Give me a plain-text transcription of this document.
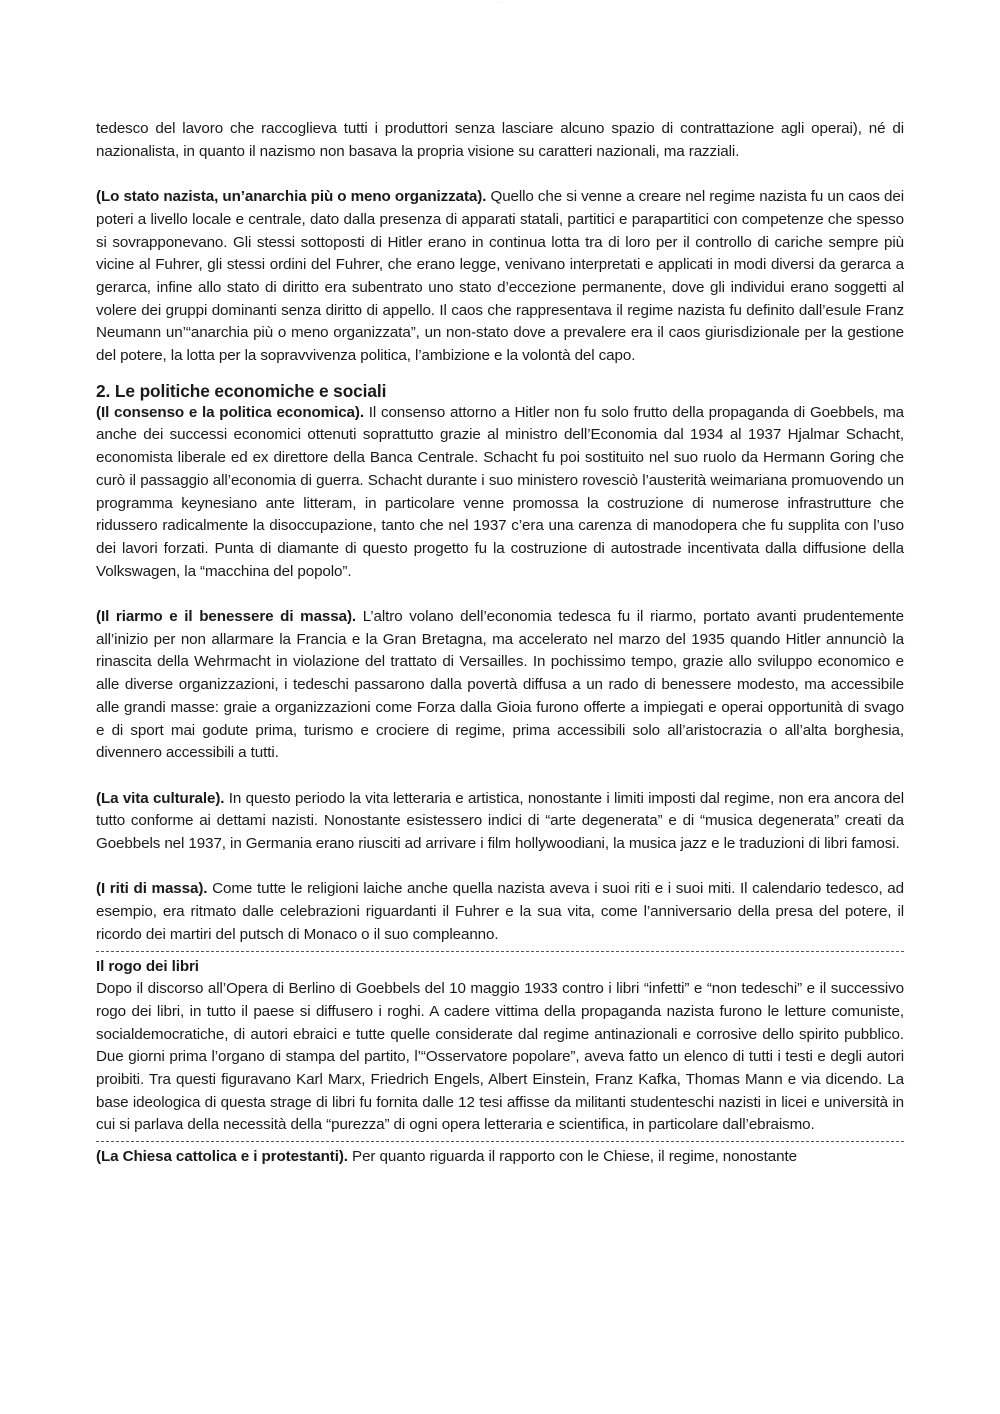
· · ·

tedesco del lavoro che raccoglieva tutti i produttori senza lasciare alcuno spazio di contrattazione agli operai), né di nazionalista, in quanto il nazismo non basava la propria visione su caratteri nazionali, ma razziali.

(Lo stato nazista, un’anarchia più o meno organizzata). Quello che si venne a creare nel regime nazista fu un caos dei poteri a livello locale e centrale, dato dalla presenza di apparati statali, partitici e parapartitici con competenze che spesso si sovrapponevano. Gli stessi sottoposti di Hitler erano in continua lotta tra di loro per il controllo di cariche sempre più vicine al Fuhrer, gli stessi ordini del Fuhrer, che erano legge, venivano interpretati e applicati in modi diversi da gerarca a gerarca, infine allo stato di diritto era subentrato uno stato d’eccezione permanente, dove gli individui erano soggetti al volere dei gruppi dominanti senza diritto di appello. Il caos che rappresentava il regime nazista fu definito dall’esule Franz Neumann un’“anarchia più o meno organizzata”, un non-stato dove a prevalere era il caos giurisdizionale per la gestione del potere, la lotta per la sopravvivenza politica, l’ambizione e la volontà del capo.

2. Le politiche economiche e sociali

(Il consenso e la politica economica). Il consenso attorno a Hitler non fu solo frutto della propaganda di Goebbels, ma anche dei successi economici ottenuti soprattutto grazie al ministro dell’Economia dal 1934 al 1937 Hjalmar Schacht, economista liberale ed ex direttore della Banca Centrale. Schacht fu poi sostituito nel suo ruolo da Hermann Goring che curò il passaggio all’economia di guerra. Schacht durante i suo ministero rovesciò l’austerità weimariana promuovendo un programma keynesiano ante litteram, in particolare venne promossa la costruzione di numerose infrastrutture che ridussero radicalmente la disoccupazione, tanto che nel 1937 c’era una carenza di manodopera che fu supplita con l’uso dei lavori forzati. Punta di diamante di questo progetto fu la costruzione di autostrade incentivata dalla diffusione della Volkswagen, la “macchina del popolo”.

(Il riarmo e il benessere di massa). L’altro volano dell’economia tedesca fu il riarmo, portato avanti prudentemente all’inizio per non allarmare la Francia e la Gran Bretagna, ma accelerato nel marzo del 1935 quando Hitler annunciò la rinascita della Wehrmacht in violazione del trattato di Versailles. In pochissimo tempo, grazie allo sviluppo economico e alle diverse organizzazioni, i tedeschi passarono dalla povertà diffusa a un rado di benessere modesto, ma accessibile alle grandi masse: graie a organizzazioni come Forza dalla Gioia furono offerte a impiegati e operai opportunità di svago e di sport mai godute prima, turismo e crociere di regime, prima accessibili solo all’aristocrazia o all’alta borghesia, divennero accessibili a tutti.

(La vita culturale). In questo periodo la vita letteraria e artistica, nonostante i limiti imposti dal regime, non era ancora del tutto conforme ai dettami nazisti. Nonostante esistessero indici di “arte degenerata” e di “musica degenerata” creati da Goebbels nel 1937, in Germania erano riusciti ad arrivare i film hollywoodiani, la musica jazz e le traduzioni di libri famosi.

(I riti di massa). Come tutte le religioni laiche anche quella nazista aveva i suoi riti e i suoi miti. Il calendario tedesco, ad esempio, era ritmato dalle celebrazioni riguardanti il Fuhrer e la sua vita, come l’anniversario della presa del potere, il ricordo dei martiri del putsch di Monaco o il suo compleanno.

Il rogo dei libri

Dopo il discorso all’Opera di Berlino di Goebbels del 10 maggio 1933 contro i libri “infetti” e “non tedeschi” e il successivo rogo dei libri, in tutto il paese si diffusero i roghi. A cadere vittima della propaganda nazista furono le letture comuniste, socialdemocratiche, di autori ebraici e tutte quelle considerate dal regime antinazionali e corrosive dello spirito pubblico. Due giorni prima l’organo di stampa del partito, l’“Osservatore popolare”, aveva fatto un elenco di tutti i testi e degli autori proibiti. Tra questi figuravano Karl Marx, Friedrich Engels, Albert Einstein, Franz Kafka, Thomas Mann e via dicendo. La base ideologica di questa strage di libri fu fornita dalle 12 tesi affisse da militanti studenteschi nazisti in licei e università in cui si parlava della necessità della “purezza” di ogni opera letteraria e scientifica, in particolare dall’ebraismo.

(La Chiesa cattolica e i protestanti). Per quanto riguarda il rapporto con le Chiese, il regime, nonostante
